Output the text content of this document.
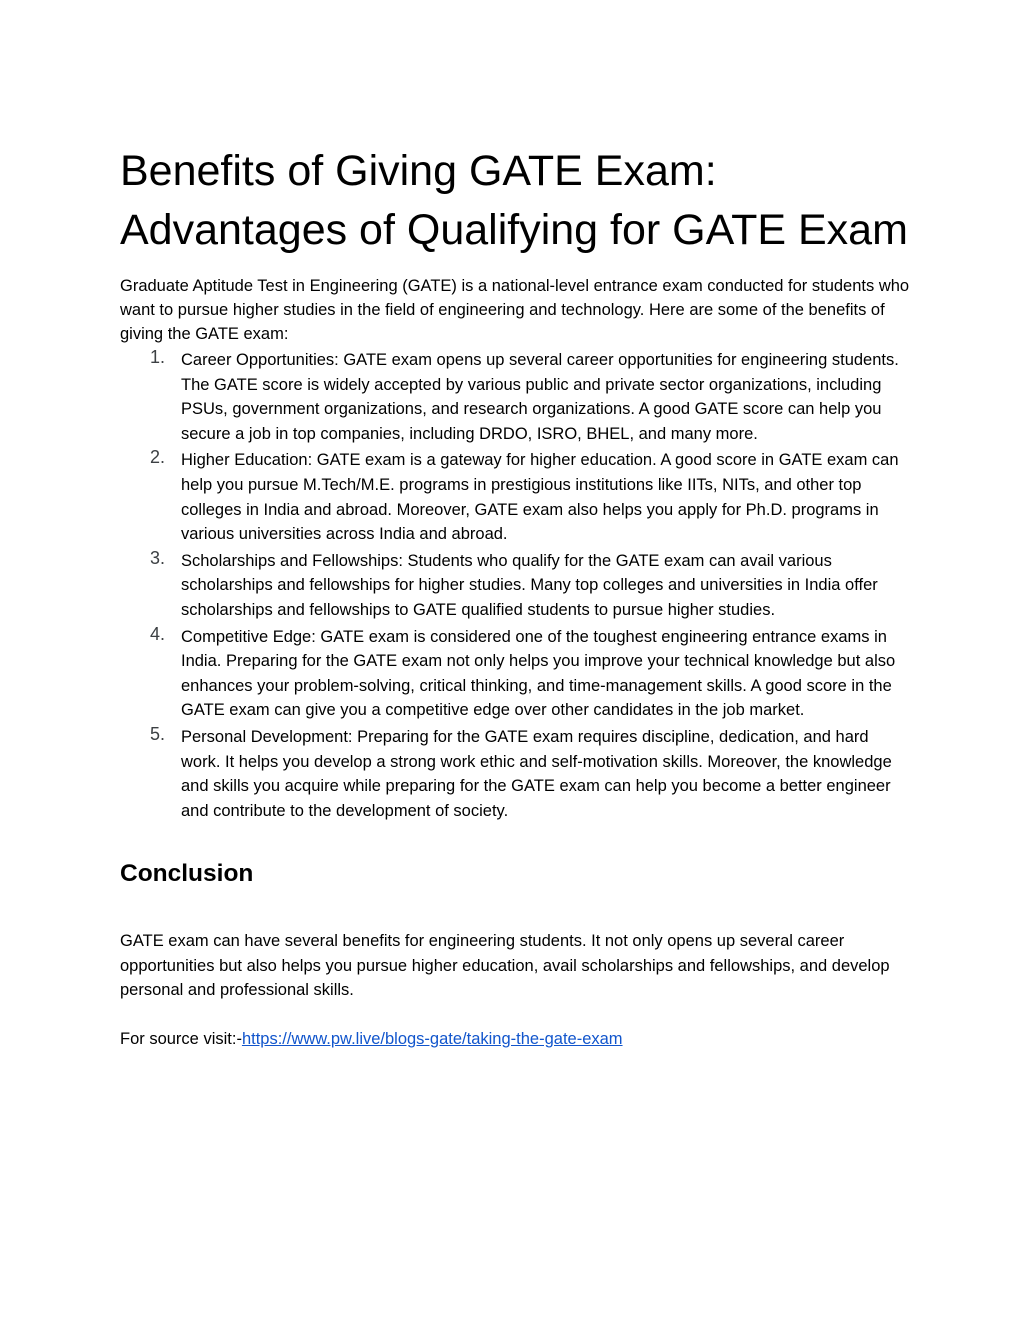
Benefits of Giving GATE Exam: Advantages of Qualifying for GATE Exam

Graduate Aptitude Test in Engineering (GATE) is a national-level entrance exam conducted for students who want to pursue higher studies in the field of engineering and technology. Here are some of the benefits of giving the GATE exam:

1. Career Opportunities: GATE exam opens up several career opportunities for engineering students. The GATE score is widely accepted by various public and private sector organizations, including PSUs, government organizations, and research organizations. A good GATE score can help you secure a job in top companies, including DRDO, ISRO, BHEL, and many more.
2. Higher Education: GATE exam is a gateway for higher education. A good score in GATE exam can help you pursue M.Tech/M.E. programs in prestigious institutions like IITs, NITs, and other top colleges in India and abroad. Moreover, GATE exam also helps you apply for Ph.D. programs in various universities across India and abroad.
3. Scholarships and Fellowships: Students who qualify for the GATE exam can avail various scholarships and fellowships for higher studies. Many top colleges and universities in India offer scholarships and fellowships to GATE qualified students to pursue higher studies.
4. Competitive Edge: GATE exam is considered one of the toughest engineering entrance exams in India. Preparing for the GATE exam not only helps you improve your technical knowledge but also enhances your problem-solving, critical thinking, and time-management skills. A good score in the GATE exam can give you a competitive edge over other candidates in the job market.
5. Personal Development: Preparing for the GATE exam requires discipline, dedication, and hard work. It helps you develop a strong work ethic and self-motivation skills. Moreover, the knowledge and skills you acquire while preparing for the GATE exam can help you become a better engineer and contribute to the development of society.
Conclusion

GATE exam can have several benefits for engineering students. It not only opens up several career opportunities but also helps you pursue higher education, avail scholarships and fellowships, and develop personal and professional skills.

For source visit:-https://www.pw.live/blogs-gate/taking-the-gate-exam
